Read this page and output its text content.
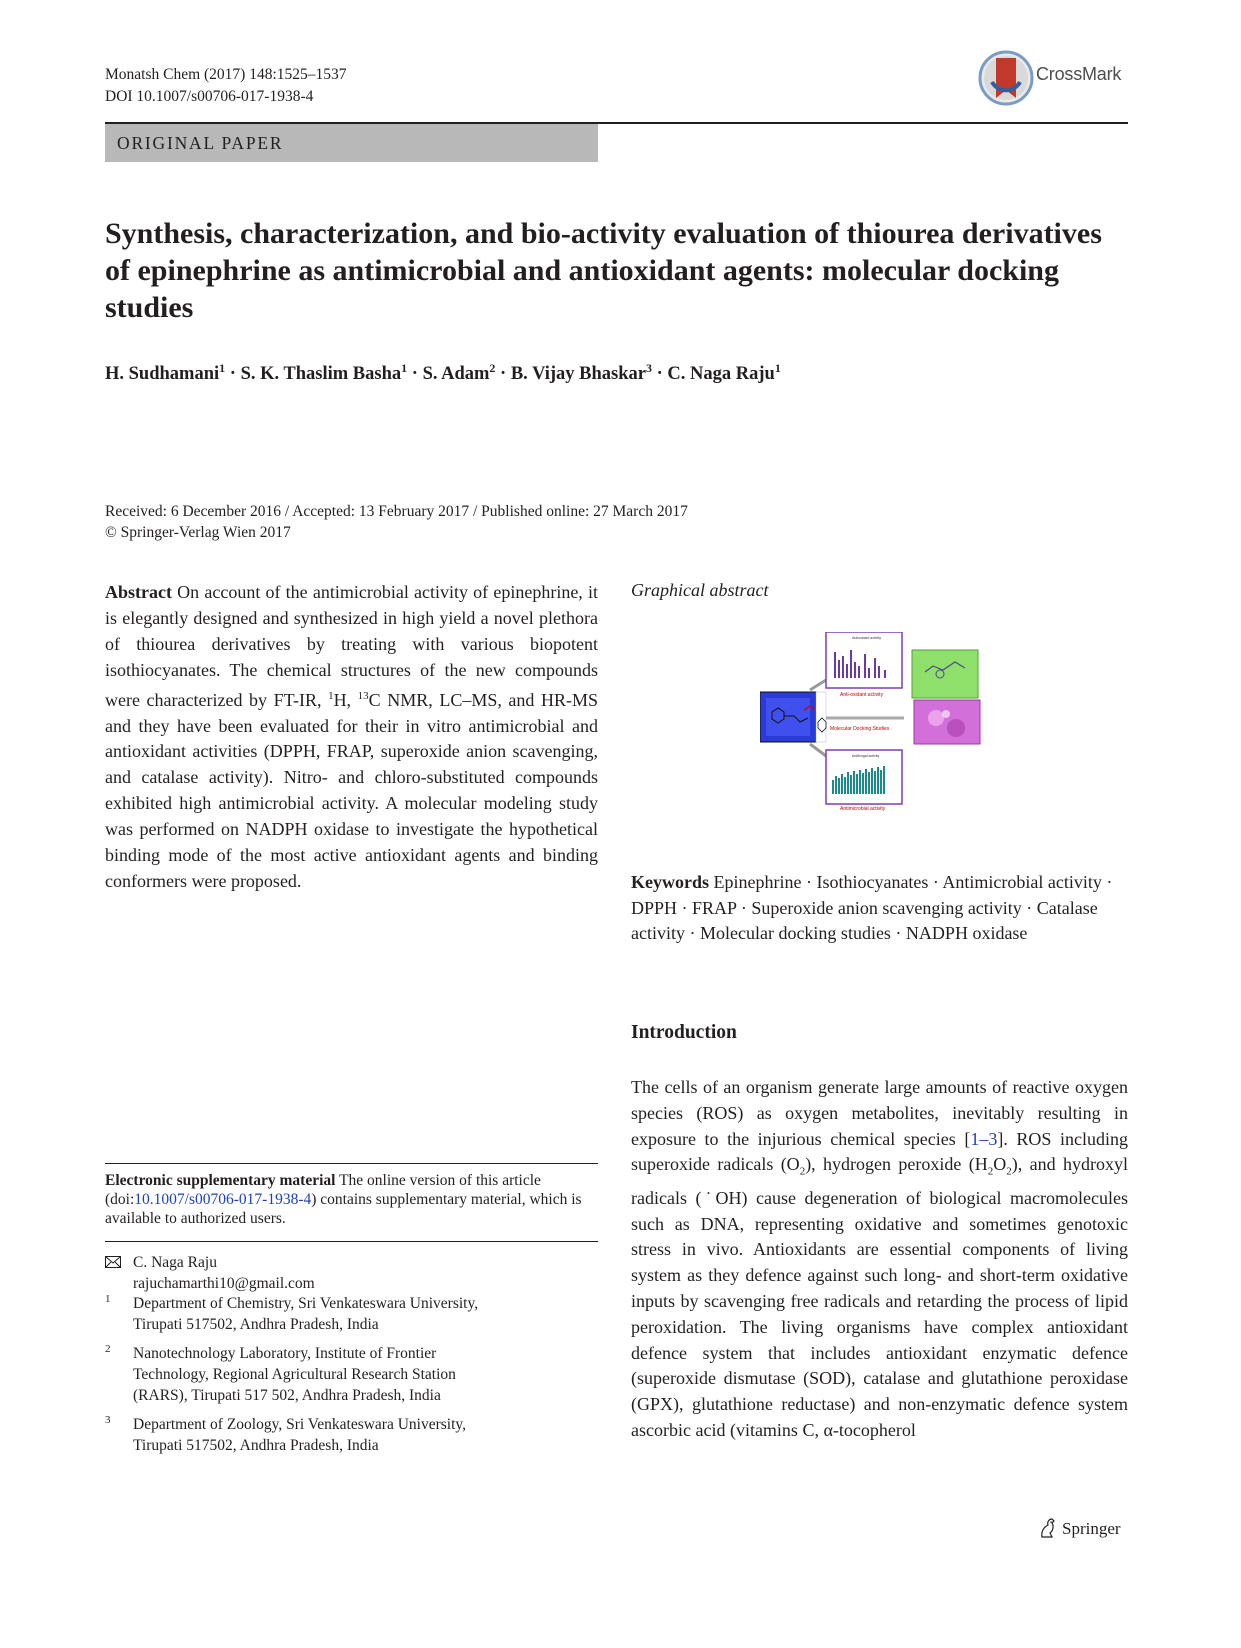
Monatsh Chem (2017) 148:1525–1537
DOI 10.1007/s00706-017-1938-4
CrossMark
ORIGINAL PAPER
Synthesis, characterization, and bio-activity evaluation of thiourea derivatives of epinephrine as antimicrobial and antioxidant agents: molecular docking studies
H. Sudhamani$^1$ · S. K. Thaslim Basha$^1$ · S. Adam$^2$ · B. Vijay Bhaskar$^3$ · C. Naga Raju$^1$
Received: 6 December 2016 / Accepted: 13 February 2017 / Published online: 27 March 2017
© Springer-Verlag Wien 2017
Abstract On account of the antimicrobial activity of epinephrine, it is elegantly designed and synthesized in high yield a novel plethora of thiourea derivatives by treating with various biopotent isothiocyanates. The chemical structures of the new compounds were characterized by FT-IR, $^1$H, $^{13}$C NMR, LC–MS, and HR-MS and they have been evaluated for their in vitro antimicrobial and antioxidant activities (DPPH, FRAP, superoxide anion scavenging, and catalase activity). Nitro- and chloro-substituted compounds exhibited high antimicrobial activity. A molecular modeling study was performed on NADPH oxidase to investigate the hypothetical binding mode of the most active antioxidant agents and binding conformers were proposed.
Graphical abstract
Molecular Docking Studies
Antioxidant activity
Anti-oxidant activity
Antifungal activity
Antimicrobial activity
Keywords Epinephrine · Isothiocyanates · Antimicrobial activity · DPPH · FRAP · Superoxide anion scavenging activity · Catalase activity · Molecular docking studies · NADPH oxidase
Introduction
The cells of an organism generate large amounts of reactive oxygen species (ROS) as oxygen metabolites, inevitably resulting in exposure to the injurious chemical species [1–3]. ROS including superoxide radicals $(O_2)$, hydrogen peroxide $(H_2O_2)$, and hydroxyl radicals (˙OH) cause degeneration of biological macromolecules such as DNA, representing oxidative and sometimes genotoxic stress in vivo. Antioxidants are essential components of living system as they defence against such long- and short-term oxidative inputs by scavenging free radicals and retarding the process of lipid peroxidation. The living organisms have complex antioxidant defence system that includes antioxidant enzymatic defence (superoxide dismutase (SOD), catalase and glutathione peroxidase (GPX), glutathione reductase) and non-enzymatic defence system ascorbic acid (vitamins C, α-tocopherol
Electronic supplementary material The online version of this article (doi:10.1007/s00706-017-1938-4) contains supplementary material, which is available to authorized users.
C. Naga Raju
rajuchamarthi10@gmail.com
1 Department of Chemistry, Sri Venkateswara University,
Tirupati 517502, Andhra Pradesh, India
2 Nanotechnology Laboratory, Institute of Frontier
Technology, Regional Agricultural Research Station
(RARS), Tirupati 517 502, Andhra Pradesh, India
3 Department of Zoology, Sri Venkateswara University,
Tirupati 517502, Andhra Pradesh, India
Springer
